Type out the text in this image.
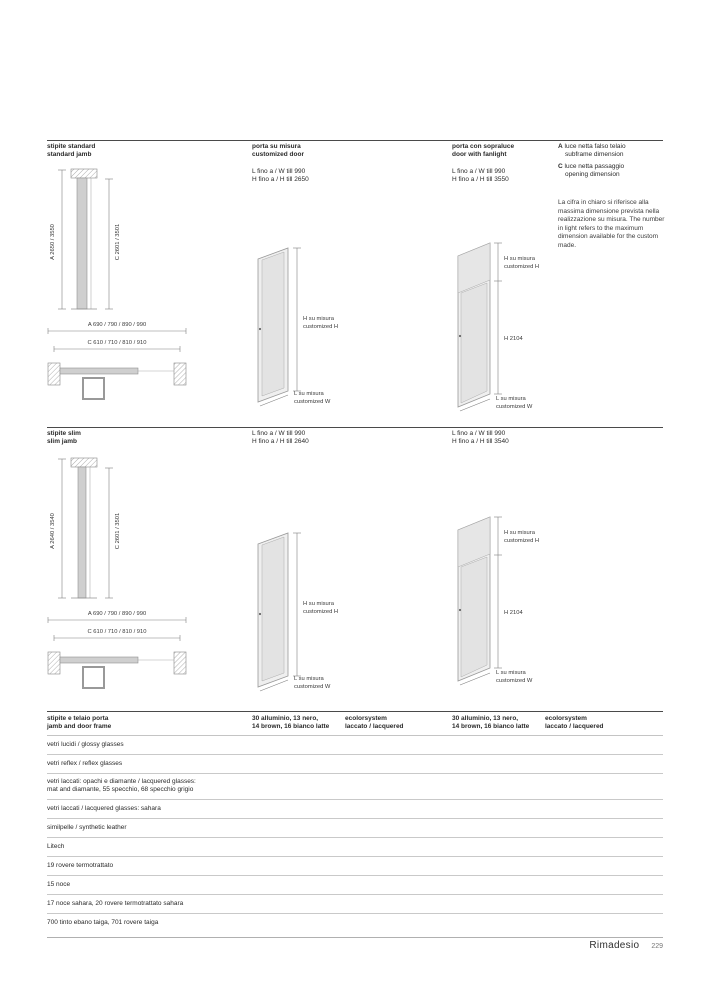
stipite standard
standard jamb
porta su misura
customized door
L fino a / W till 990
H fino a / H till 2650
porta con sopraluce
door with fanlight
L fino a / W till 990
H fino a / H till 3550
A luce netta falso telaio
subframe dimension
C luce netta passaggio
opening dimension
La cifra in chiaro si riferisce alla massima dimensione prevista nella realizzazione su misura. The number in light refers to the maximum dimension available for the custom made.
A 2650 / 3550	C 2601 / 3501
A 690 / 790 / 890 / 990
C 610 / 710 / 810 / 910
H su misura
customized H
L su misura
customized W
H su misura
customized H
H 2104
L su misura
customized W
stipite slim
slim jamb
L fino a / W till 990
H fino a / H till 2640
L fino a / W till 990
H fino a / H till 3540
A 2640 / 3540	C 2601 / 3501
A 690 / 790 / 890 / 990
C 610 / 710 / 810 / 910
H su misura
customized H
L su misura
customized W
H su misura
customized H
H 2104
L su misura
customized W
stipite e telaio porta
jamb and door frame
30 alluminio, 13 nero,
14 brown, 16 bianco latte
ecolorsystem
laccato / lacquered
30 alluminio, 13 nero,
14 brown, 16 bianco latte
ecolorsystem
laccato / lacquered
vetri lucidi / glossy glasses
vetri reflex / reflex glasses
vetri laccati: opachi e diamante / lacquered glasses:
mat and diamante, 55 specchio, 68 specchio grigio
vetri laccati / lacquered glasses: sahara
similpelle / synthetic leather
Litech
19 rovere termotrattato
15 noce
17 noce sahara, 20 rovere termotrattato sahara
700 tinto ebano taiga, 701 rovere taiga
Rimadesio 229
